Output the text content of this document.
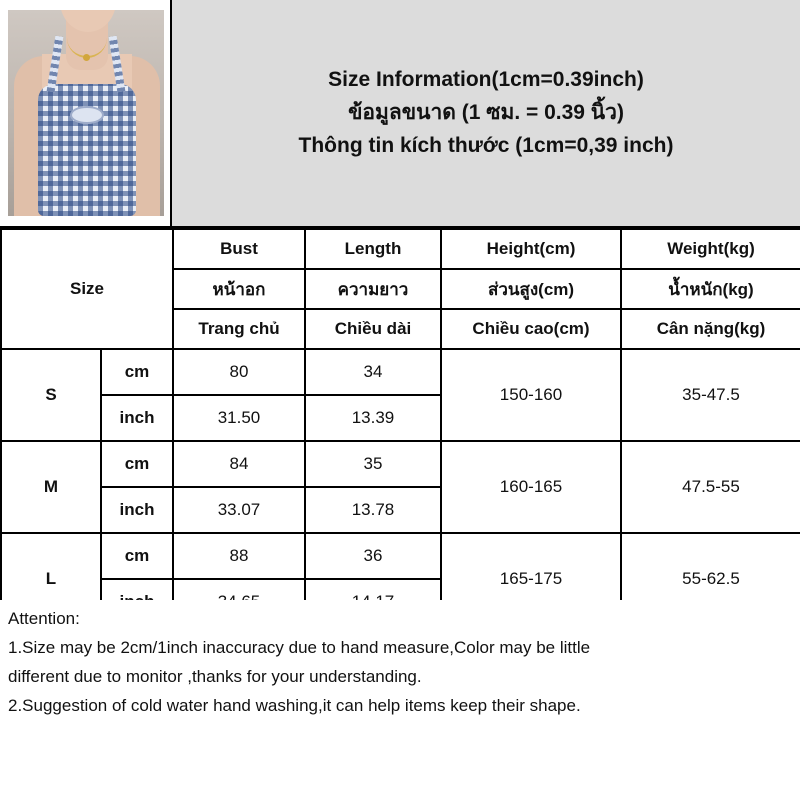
Size Information(1cm=0.39inch)
ข้อมูลขนาด (1 ซม. = 0.39 นิ้ว)
Thông tin kích thước (1cm=0,39 inch)
Size		Bust	Length	Height(cm)	Weight(kg)
		หน้าอก	ความยาว	ส่วนสูง(cm)	น้ำหนัก(kg)
		Trang chủ	Chiều dài	Chiều cao(cm)	Cân nặng(kg)
S	cm	80	34	150-160	35-47.5
	inch	31.50	13.39		
M	cm	84	35	160-165	47.5-55
	inch	33.07	13.78		
L	cm	88	36	165-175	55-62.5

Attention:

1.Size may be 2cm/1inch inaccuracy due to hand measure,Color may be little

different due to monitor ,thanks for your understanding.

2.Suggestion of cold water hand washing,it can help items keep their shape.
